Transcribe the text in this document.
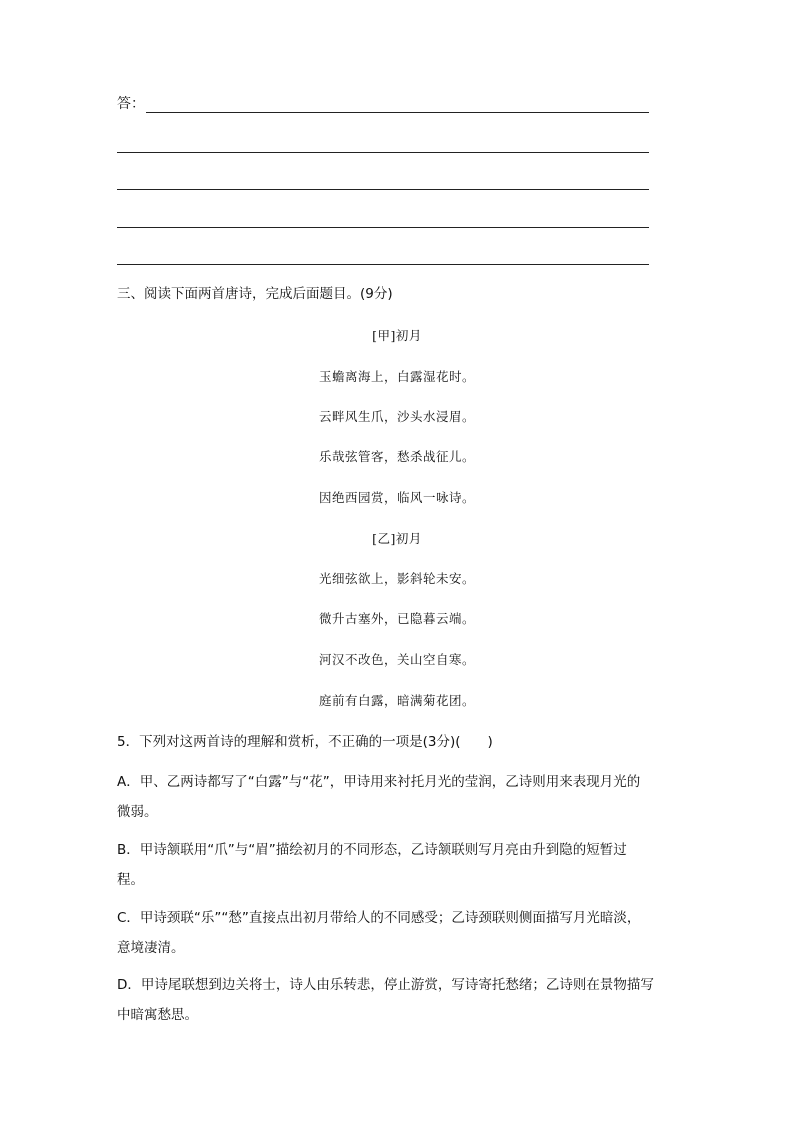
答：
三、阅读下面两首唐诗，完成后面题目。(9分)
[甲]初月
玉蟾离海上，白露湿花时。
云畔风生爪，沙头水浸眉。
乐哉弦管客，愁杀战征儿。
因绝西园赏，临风一咏诗。
[乙]初月
光细弦欲上，影斜轮未安。
微升古塞外，已隐暮云端。
河汉不改色，关山空自寒。
庭前有白露，暗满菊花团。
5．下列对这两首诗的理解和赏析，不正确的一项是(3分)(　　)
A．甲、乙两诗都写了“白露”与“花”，甲诗用来衬托月光的莹润，乙诗则用来表现月光的
微弱。
B．甲诗颔联用“爪”与“眉”描绘初月的不同形态，乙诗颔联则写月亮由升到隐的短暂过
程。
C．甲诗颈联“乐”“愁”直接点出初月带给人的不同感受；乙诗颈联则侧面描写月光暗淡，
意境凄清。
D．甲诗尾联想到边关将士，诗人由乐转悲，停止游赏，写诗寄托愁绪；乙诗则在景物描写
中暗寓愁思。
